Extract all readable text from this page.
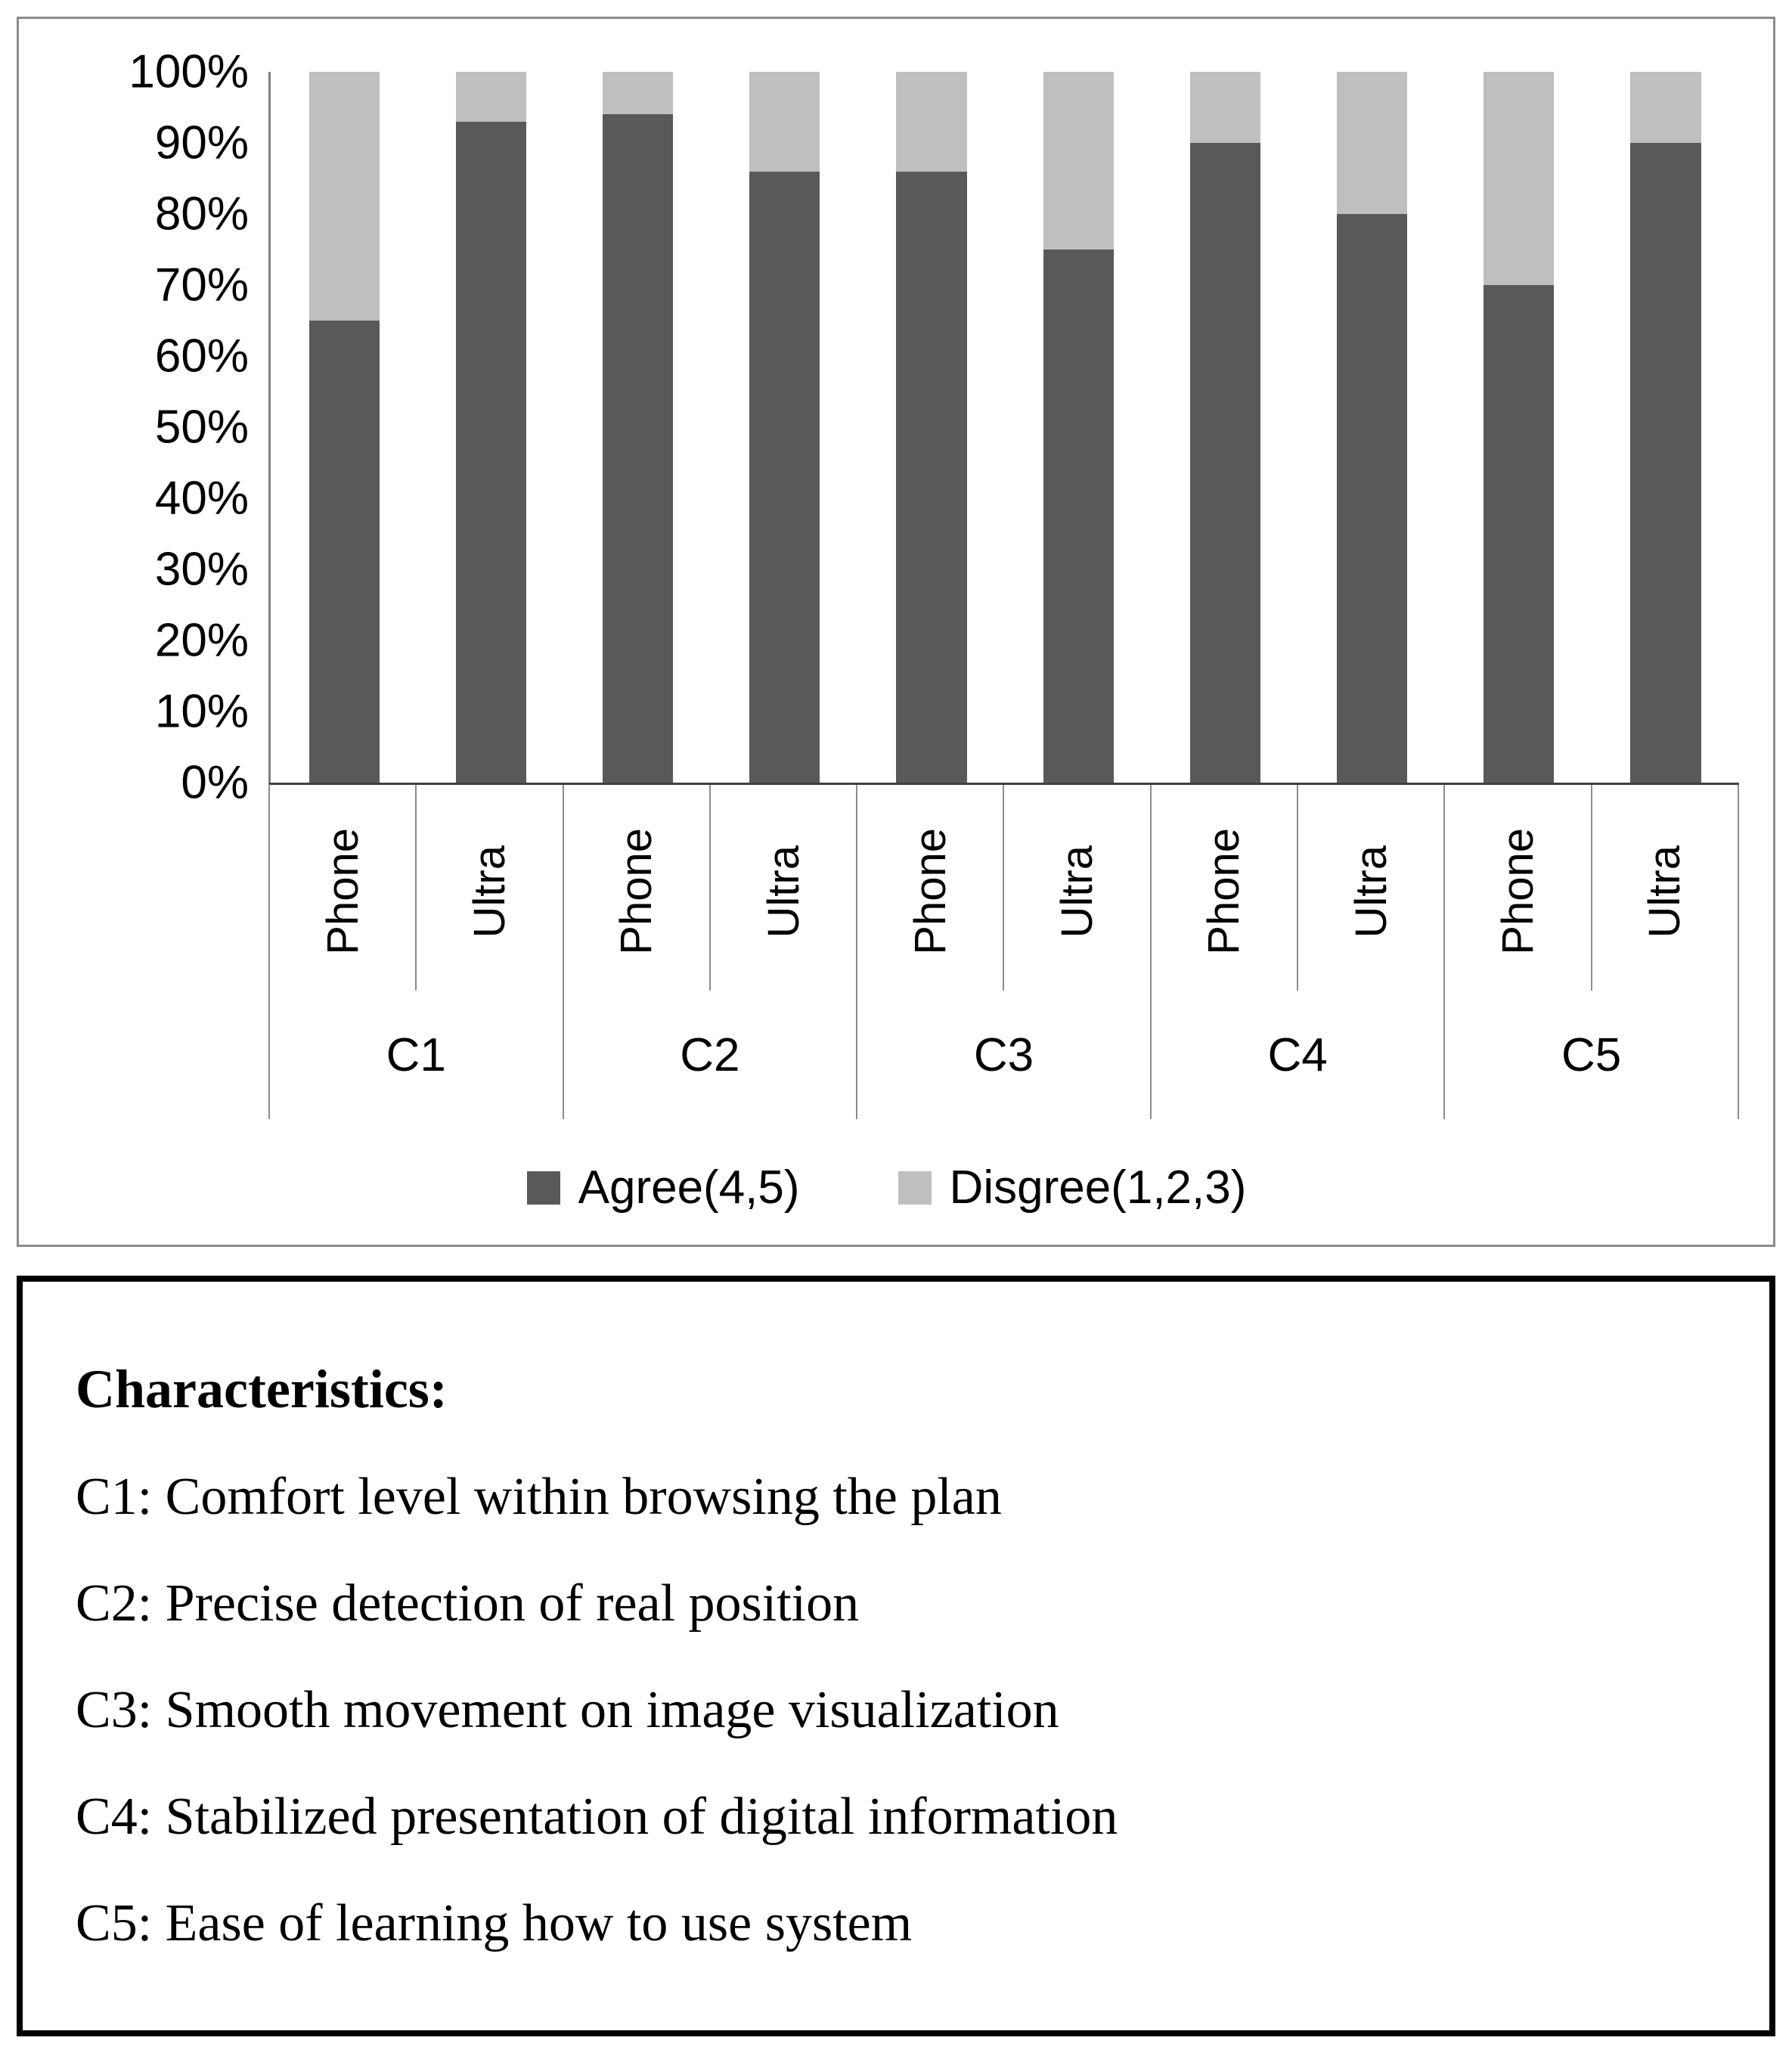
0%
10%
20%
30%
40%
50%
60%
70%
80%
90%
100%
Phone Ultra Phone Ultra Phone Ultra Phone Ultra Phone Ultra
C1	C2	C3	C4	C5
Agree(4,5)	Disgree(1,2,3)
Characteristics:
C1: Comfort level within browsing the plan
C2: Precise detection of real position
C3: Smooth movement on image visualization
C4: Stabilized presentation of digital information
C5: Ease of learning how to use system
